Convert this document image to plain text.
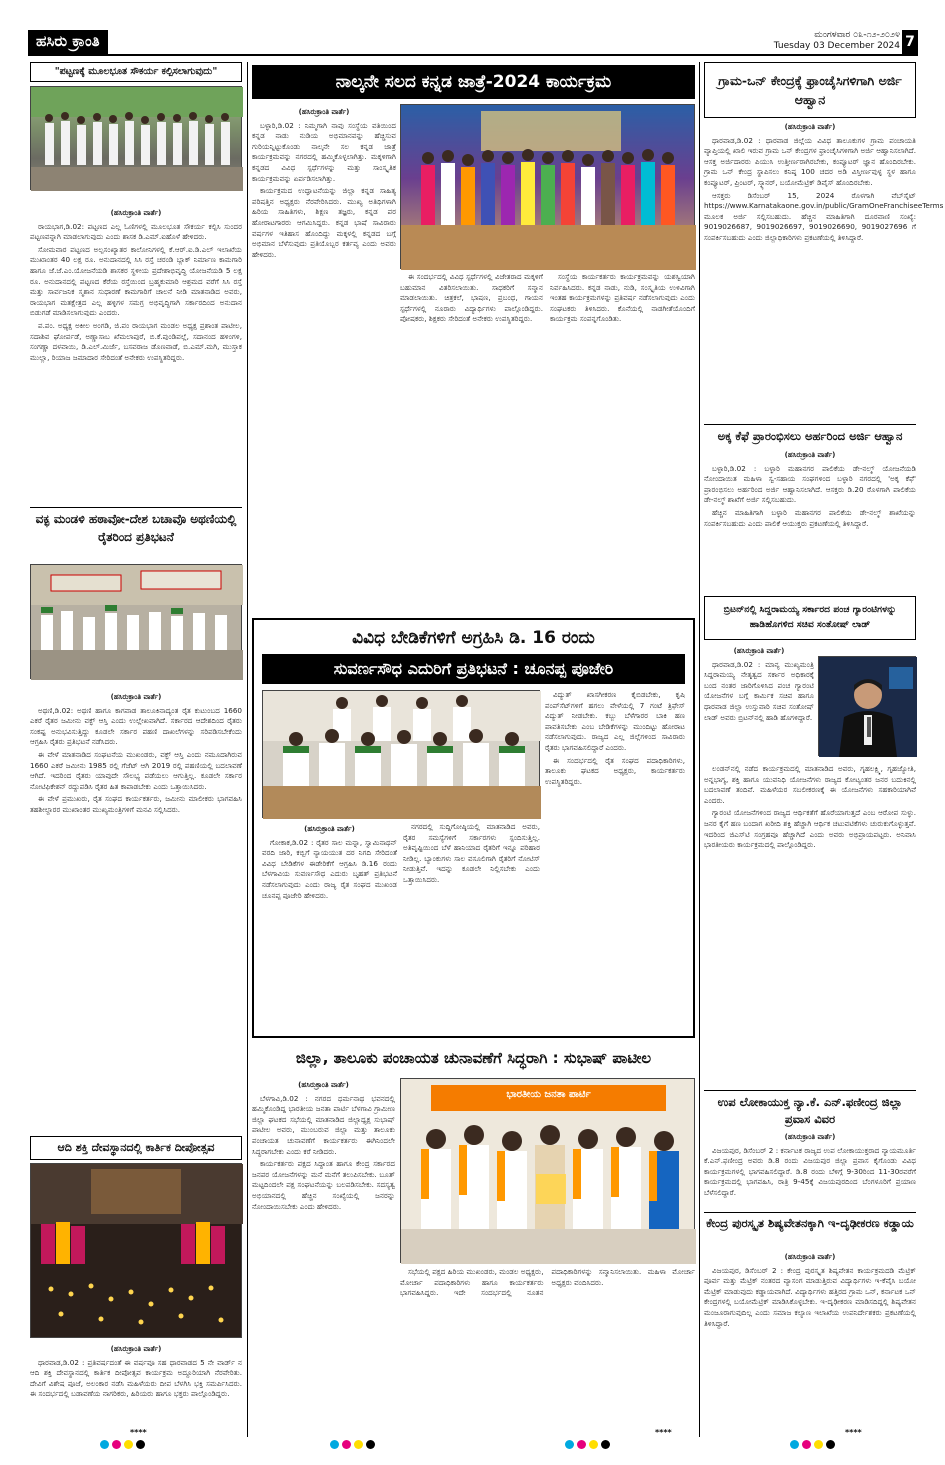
ಹಸಿರು ಕ್ರಾಂತಿ	ಮಂಗಳವಾರ ೦೩-೧೨-೨೦೨೪
Tuesday 03 December 2024 7
"ಪಟ್ಟಣಕ್ಕೆ ಮೂಲಭೂತ ಸೌಕರ್ಯ ಕಲ್ಪಿಸಲಾಗುವುದು"
(ಹಸಿರುಕ್ರಾಂತಿ ವಾರ್ತೆ)

ರಾಯಭಾಗ,ಡಿ.02: ಪಟ್ಟಣದ ಎಲ್ಲ ಓಣಿಗಳಲ್ಲಿ ಮೂಲಭೂತ ಸೌಕರ್ಯ ಕಲ್ಪಿಸಿ ಸುಂದರ ಪಟ್ಟಣವನ್ನಾಗಿ ಮಾಡಲಾಗುವುದು ಎಂದು ಶಾಸಕ ಡಿ.ಎಮ್.ಐಹೊಳೆ ಹೇಳಿದರು.

ಸೋಮವಾರ ಪಟ್ಟಣದ ಅಲ್ಪಸಂಖ್ಯಾತರ ಕಾಲೋನಿಗಳಲ್ಲಿ ಕೆ.ಆರ್.ಐ.ಡಿ.ಎಲ್ ಇಲಾಖೆಯ ಮುಖಾಂತರ 40 ಲಕ್ಷ ರೂ. ಅನುದಾನದಲ್ಲಿ ಸಿಸಿ ರಸ್ತೆ ಚರಂಡಿ ಬ್ಲಾಕ್ ನಿರ್ಮಾಣ ಕಾಮಗಾರಿ ಹಾಗೂ ಜೆ.ಜೆ.ಎಂ.ಯೋಜನೆಯಡಿ ಶಾಸಕರ ಸ್ಥಳೀಯ ಪ್ರದೇಶಾಭಿವೃದ್ಧಿ ಯೋಜನೆಯಡಿ 5 ಲಕ್ಷ ರೂ. ಅನುದಾನದಲ್ಲಿ ಪಟ್ಟಣದ ಕೆರೆಯ ರಸ್ತೆಯಿಂದ ಬ್ರಹ್ಮಕುಮಾರಿ ಆಶ್ರಮದ ವರೆಗೆ ಸಿಸಿ ರಸ್ತೆ ಮತ್ತು ಸಾರ್ವಜನಿಕ ಸ್ಮಶಾನ ಸುಧಾರಣೆ ಕಾಮಗಾರಿಗೆ ಚಾಲನೆ ನೀಡಿ ಮಾತನಾಡಿದ ಅವರು, ರಾಯಭಾಗ ಮತಕ್ಷೇತ್ರದ ಎಲ್ಲ ಹಳ್ಳಿಗಳ ಸಮಗ್ರ ಅಭಿವೃದ್ಧಿಗಾಗಿ ಸರ್ಕಾರದಿಂದ ಅನುದಾನ ಬಿಡುಗಡೆ ಮಾಡಿಸಲಾಗುವುದು ಎಂದರು.

ಪ.ಪಂ. ಅಧ್ಯಕ್ಷ ಅಕೀಲ ಅಂಗಡಿ, ಜಿ.ಪಂ ರಾಯಭಾಗ ಮಂಡಲ ಅಧ್ಯಕ್ಷ ಪ್ರಶಾಂತ ಪಾಟೀಲ, ಸದಾಶಿವ ಘೋರ್ಪಡೆ, ಅಣ್ಣಾಸಾಬ ಖೆಮಲಾಪುರೆ, ಬಿ.ಕೆ.ಪುಂಡಿಪಲ್ಲೆ, ಸದಾನಂದ ಹಳಿಂಗಳಿ, ಸಂಗಣ್ಣಾ ದಳವಾಯಿ, ಡಿ.ಎಲ್.ಮಿರ್ಜೆ, ಬಸವರಾಜ ಡೊಣವಾಡೆ, ಬಿ.ಎಮ್.ಮಗಿ, ಮುಸ್ತಾಕ ಮುಲ್ಲಾ, ರಿಯಾಜ ಜಮಾದಾರ ಸೇರಿದಂತೆ ಅನೇಕರು ಉಪಸ್ಥಿತರಿದ್ದರು.

ವಕ್ಫ ಮಂಡಳಿ ಹಠಾವೋ-ದೇಶ ಬಚಾವೊ ಅಥಣಿಯಲ್ಲಿ ರೈತರಿಂದ ಪ್ರತಿಭಟನೆ
(ಹಸಿರುಕ್ರಾಂತಿ ವಾರ್ತೆ)

ಅಥಣಿ,ಡಿ.02: ಅಥಣಿ ಹಾಗೂ ಕಾಗವಾಡ ತಾಲೂಕಿನಾದ್ಯಂತ ರೈತ ಕುಟುಂಬದ 1660 ಎಕರೆ ರೈತರ ಜಮೀನು ವಕ್ಫ್ ಆಸ್ತಿ ಎಂದು ಉಲ್ಲೇಖವಾಗಿದೆ. ಸರ್ಕಾರದ ಆದೇಶದಿಂದ ರೈತರು ಸಂಕಷ್ಟ ಅನುಭವಿಸುತ್ತಿದ್ದು ಕೂಡಲೇ ಸರ್ಕಾರ ಪಹಣಿ ದಾಖಲೆಗಳನ್ನು ಸರಿಪಡಿಸಬೇಕೆಂದು ಆಗ್ರಹಿಸಿ ರೈತರು ಪ್ರತಿಭಟನೆ ನಡೆಸಿದರು.

ಈ ವೇಳೆ ಮಾತನಾಡಿದ ಸಂಘಟನೆಯ ಮುಖಂಡರು, ವಕ್ಫ್ ಆಸ್ತಿ ಎಂದು ನಮೂದಾಗಿರುವ 1660 ಎಕರೆ ಜಮೀನು 1985 ರಲ್ಲಿ ಗೆಜೆಟ್ ಆಗಿ 2019 ರಲ್ಲಿ ಪಹಣಿಯಲ್ಲಿ ಬದಲಾವಣೆ ಆಗಿದೆ. ಇದರಿಂದ ರೈತರು ಯಾವುದೇ ಸೌಲಭ್ಯ ಪಡೆಯಲು ಆಗುತ್ತಿಲ್ಲ. ಕೂಡಲೇ ಸರ್ಕಾರ ನೋಟಿಫಿಕೇಶನ್ ರದ್ದುಪಡಿಸಿ ರೈತರ ಹಿತ ಕಾಪಾಡಬೇಕು ಎಂದು ಒತ್ತಾಯಿಸಿದರು.

ಈ ವೇಳೆ ಪ್ರಮುಖರು, ರೈತ ಸಂಘದ ಕಾರ್ಯಕರ್ತರು, ಜಮೀನು ಮಾಲೀಕರು ಭಾಗವಹಿಸಿ ತಹಶೀಲ್ದಾರರ ಮುಖಾಂತರ ಮುಖ್ಯಮಂತ್ರಿಗಳಿಗೆ ಮನವಿ ಸಲ್ಲಿಸಿದರು.

ಆದಿ ಶಕ್ತಿ ದೇವಸ್ಥಾನದಲ್ಲಿ ಕಾರ್ತಿಕ ದೀಪೋತ್ಸವ
(ಹಸಿರುಕ್ರಾಂತಿ ವಾರ್ತೆ)

ಧಾರವಾಡ,ಡಿ.02 : ಪ್ರತಿವರ್ಷದಂತೆ ಈ ವರ್ಷವೂ ಸಹ ಧಾರವಾಡದ 5 ನೇ ವಾರ್ಡ್ ನ ಆದಿ ಶಕ್ತಿ ದೇವಸ್ಥಾನದಲ್ಲಿ ಕಾರ್ತಿಕ ದೀಪೋತ್ಸವ ಕಾರ್ಯಕ್ರಮ ಅದ್ದೂರಿಯಾಗಿ ನೆರವೇರಿತು. ದೇವಿಗೆ ವಿಶೇಷ ಪೂಜೆ, ಅಲಂಕಾರ ನಡೆಸಿ ಮಹಿಳೆಯರು ದೀಪ ಬೆಳಗಿಸಿ ಭಕ್ತಿ ಸಮರ್ಪಿಸಿದರು. ಈ ಸಂದರ್ಭದಲ್ಲಿ ಬಡಾವಣೆಯ ನಾಗರಿಕರು, ಹಿರಿಯರು ಹಾಗೂ ಭಕ್ತರು ಪಾಲ್ಗೊಂಡಿದ್ದರು.

****
ನಾಲ್ಕನೇ ಸಲದ ಕನ್ನಡ ಜಾತ್ರೆ-2024 ಕಾರ್ಯಕ್ರಮ
(ಹಸಿರುಕ್ರಾಂತಿ ವಾರ್ತೆ)

ಬಳ್ಳಾರಿ,ಡಿ.02 : ನಿಮ್ಮಗಾಗಿ ನಾವು ಸಂಸ್ಥೆಯ ವತಿಯಿಂದ ಕನ್ನಡ ನಾಡು ನುಡಿಯ ಅಭಿಮಾನವನ್ನು ಹೆಚ್ಚಿಸುವ ಗುರಿಯನ್ನಿಟ್ಟುಕೊಂಡು ನಾಲ್ಕನೇ ಸಲ ಕನ್ನಡ ಜಾತ್ರೆ ಕಾರ್ಯಕ್ರಮವನ್ನು ನಗರದಲ್ಲಿ ಹಮ್ಮಿಕೊಳ್ಳಲಾಗಿತ್ತು. ಮಕ್ಕಳಿಗಾಗಿ ಕನ್ನಡದ ವಿವಿಧ ಸ್ಪರ್ಧೆಗಳನ್ನು ಮತ್ತು ಸಾಂಸ್ಕೃತಿಕ ಕಾರ್ಯಕ್ರಮವನ್ನು ಏರ್ಪಡಿಸಲಾಗಿತ್ತು.

ಕಾರ್ಯಕ್ರಮದ ಉದ್ಘಾಟನೆಯನ್ನು ಜಿಲ್ಲಾ ಕನ್ನಡ ಸಾಹಿತ್ಯ ಪರಿಷತ್ತಿನ ಅಧ್ಯಕ್ಷರು ನೆರವೇರಿಸಿದರು. ಮುಖ್ಯ ಅತಿಥಿಗಳಾಗಿ ಹಿರಿಯ ಸಾಹಿತಿಗಳು, ಶಿಕ್ಷಣ ತಜ್ಞರು, ಕನ್ನಡ ಪರ ಹೋರಾಟಗಾರರು ಆಗಮಿಸಿದ್ದರು. ಕನ್ನಡ ಭಾಷೆ ಸಾವಿರಾರು ವರ್ಷಗಳ ಇತಿಹಾಸ ಹೊಂದಿದ್ದು ಮಕ್ಕಳಲ್ಲಿ ಕನ್ನಡದ ಬಗ್ಗೆ ಅಭಿಮಾನ ಬೆಳೆಸುವುದು ಪ್ರತಿಯೊಬ್ಬರ ಕರ್ತವ್ಯ ಎಂದು ಅವರು ಹೇಳಿದರು.

ಈ ಸಂದರ್ಭದಲ್ಲಿ ವಿವಿಧ ಸ್ಪರ್ಧೆಗಳಲ್ಲಿ ವಿಜೇತರಾದ ಮಕ್ಕಳಿಗೆ ಬಹುಮಾನ ವಿತರಿಸಲಾಯಿತು. ಸಾಧಕರಿಗೆ ಸನ್ಮಾನ ಮಾಡಲಾಯಿತು. ಚಿತ್ರಕಲೆ, ಭಾಷಣ, ಪ್ರಬಂಧ, ಗಾಯನ ಸ್ಪರ್ಧೆಗಳಲ್ಲಿ ನೂರಾರು ವಿದ್ಯಾರ್ಥಿಗಳು ಪಾಲ್ಗೊಂಡಿದ್ದರು. ಪೋಷಕರು, ಶಿಕ್ಷಕರು ಸೇರಿದಂತೆ ಅನೇಕರು ಉಪಸ್ಥಿತರಿದ್ದರು.

ಸಂಸ್ಥೆಯ ಕಾರ್ಯಕರ್ತರು ಕಾರ್ಯಕ್ರಮವನ್ನು ಯಶಸ್ವಿಯಾಗಿ ನಿರ್ವಹಿಸಿದರು. ಕನ್ನಡ ನಾಡು, ನುಡಿ, ಸಂಸ್ಕೃತಿಯ ಉಳಿವಿಗಾಗಿ ಇಂತಹ ಕಾರ್ಯಕ್ರಮಗಳನ್ನು ಪ್ರತಿವರ್ಷ ನಡೆಸಲಾಗುವುದು ಎಂದು ಸಂಘಟಕರು ತಿಳಿಸಿದರು. ಕೊನೆಯಲ್ಲಿ ನಾಡಗೀತೆಯೊಂದಿಗೆ ಕಾರ್ಯಕ್ರಮ ಸಂಪನ್ನಗೊಂಡಿತು.

ವಿವಿಧ ಬೇಡಿಕೆಗಳಿಗೆ ಅಗ್ರಹಿಸಿ ಡಿ. 16 ರಂದು
ಸುವರ್ಣಸೌಧ ಎದುರಿಗೆ ಪ್ರತಿಭಟನೆ : ಚೂನಪ್ಪ ಪೂಜೇರಿ

ವಿದ್ಯುತ್ ಖಾಸಗೀಕರಣ ಕೈಬಿಡಬೇಕು, ಕೃಷಿ ಪಂಪ್‌ಸೆಟ್‌ಗಳಿಗೆ ಹಗಲು ವೇಳೆಯಲ್ಲಿ 7 ಗಂಟೆ ತ್ರಿಫೇಸ್ ವಿದ್ಯುತ್ ನೀಡಬೇಕು. ಕಬ್ಬು ಬೆಳೆಗಾರರ ಬಾಕಿ ಹಣ ಪಾವತಿಸಬೇಕು ಎಂಬ ಬೇಡಿಕೆಗಳನ್ನು ಮುಂದಿಟ್ಟು ಹೋರಾಟ ನಡೆಸಲಾಗುವುದು. ರಾಜ್ಯದ ಎಲ್ಲ ಜಿಲ್ಲೆಗಳಿಂದ ಸಾವಿರಾರು ರೈತರು ಭಾಗವಹಿಸಲಿದ್ದಾರೆ ಎಂದರು.

ಈ ಸಂದರ್ಭದಲ್ಲಿ ರೈತ ಸಂಘದ ಪದಾಧಿಕಾರಿಗಳು, ತಾಲೂಕು ಘಟಕದ ಅಧ್ಯಕ್ಷರು, ಕಾರ್ಯಕರ್ತರು ಉಪಸ್ಥಿತರಿದ್ದರು.

(ಹಸಿರುಕ್ರಾಂತಿ ವಾರ್ತೆ)

ಗೋಕಾಕ,ಡಿ.02 : ರೈತರ ಸಾಲ ಮನ್ನಾ, ಸ್ವಾಮಿನಾಥನ್ ವರದಿ ಜಾರಿ, ಕಬ್ಬಿಗೆ ನ್ಯಾಯಯುತ ದರ ನಿಗದಿ ಸೇರಿದಂತೆ ವಿವಿಧ ಬೇಡಿಕೆಗಳ ಈಡೇರಿಕೆಗೆ ಆಗ್ರಹಿಸಿ ಡಿ.16 ರಂದು ಬೆಳಗಾವಿಯ ಸುವರ್ಣಸೌಧ ಎದುರು ಬೃಹತ್ ಪ್ರತಿಭಟನೆ ನಡೆಸಲಾಗುವುದು ಎಂದು ರಾಜ್ಯ ರೈತ ಸಂಘದ ಮುಖಂಡ ಚೂನಪ್ಪ ಪೂಜೇರಿ ಹೇಳಿದರು.

ನಗರದಲ್ಲಿ ಸುದ್ದಿಗೋಷ್ಠಿಯಲ್ಲಿ ಮಾತನಾಡಿದ ಅವರು, ರೈತರ ಸಮಸ್ಯೆಗಳಿಗೆ ಸರ್ಕಾರಗಳು ಸ್ಪಂದಿಸುತ್ತಿಲ್ಲ. ಅತಿವೃಷ್ಟಿಯಿಂದ ಬೆಳೆ ಹಾನಿಯಾದ ರೈತರಿಗೆ ಇನ್ನೂ ಪರಿಹಾರ ನೀಡಿಲ್ಲ. ಬ್ಯಾಂಕುಗಳು ಸಾಲ ವಸೂಲಿಗಾಗಿ ರೈತರಿಗೆ ನೋಟಿಸ್ ನೀಡುತ್ತಿವೆ. ಇದನ್ನು ಕೂಡಲೇ ನಿಲ್ಲಿಸಬೇಕು ಎಂದು ಒತ್ತಾಯಿಸಿದರು.

ಜಿಲ್ಲಾ, ತಾಲೂಕು ಪಂಚಾಯತ ಚುನಾವಣೆಗೆ ಸಿದ್ಧರಾಗಿ : ಸುಭಾಷ್ ಪಾಟೀಲ
(ಹಸಿರುಕ್ರಾಂತಿ ವಾರ್ತೆ)

ಬೆಳಗಾವಿ,ಡಿ.02 : ನಗರದ ಧರ್ಮನಾಥ ಭವನದಲ್ಲಿ ಹಮ್ಮಿಕೊಂಡಿದ್ದ ಭಾರತೀಯ ಜನತಾ ಪಾರ್ಟಿ ಬೆಳಗಾವಿ ಗ್ರಾಮೀಣ ಜಿಲ್ಲಾ ಘಟಕದ ಸಭೆಯಲ್ಲಿ ಮಾತನಾಡಿದ ಜಿಲ್ಲಾಧ್ಯಕ್ಷ ಸುಭಾಷ್ ಪಾಟೀಲ ಅವರು, ಮುಂಬರುವ ಜಿಲ್ಲಾ ಮತ್ತು ತಾಲೂಕು ಪಂಚಾಯತ ಚುನಾವಣೆಗೆ ಕಾರ್ಯಕರ್ತರು ಈಗಿನಿಂದಲೇ ಸಿದ್ಧರಾಗಬೇಕು ಎಂದು ಕರೆ ನೀಡಿದರು.

ಕಾರ್ಯಕರ್ತರು ಪಕ್ಷದ ಸಿದ್ಧಾಂತ ಹಾಗೂ ಕೇಂದ್ರ ಸರ್ಕಾರದ ಜನಪರ ಯೋಜನೆಗಳನ್ನು ಮನೆ ಮನೆಗೆ ತಲುಪಿಸಬೇಕು. ಬೂತ್ ಮಟ್ಟದಿಂದಲೇ ಪಕ್ಷ ಸಂಘಟನೆಯನ್ನು ಬಲಪಡಿಸಬೇಕು. ಸದಸ್ಯತ್ವ ಅಭಿಯಾನದಲ್ಲಿ ಹೆಚ್ಚಿನ ಸಂಖ್ಯೆಯಲ್ಲಿ ಜನರನ್ನು ನೋಂದಾಯಿಸಬೇಕು ಎಂದು ಹೇಳಿದರು.

ಭಾರತೀಯ ಜನತಾ ಪಾರ್ಟಿ

ಸಭೆಯಲ್ಲಿ ಪಕ್ಷದ ಹಿರಿಯ ಮುಖಂಡರು, ಮಂಡಲ ಅಧ್ಯಕ್ಷರು, ಮೋರ್ಚಾ ಪದಾಧಿಕಾರಿಗಳು ಹಾಗೂ ಕಾರ್ಯಕರ್ತರು ಭಾಗವಹಿಸಿದ್ದರು. ಇದೇ ಸಂದರ್ಭದಲ್ಲಿ ನೂತನ ಪದಾಧಿಕಾರಿಗಳನ್ನು ಸನ್ಮಾನಿಸಲಾಯಿತು. ಮಹಿಳಾ ಮೋರ್ಚಾ ಅಧ್ಯಕ್ಷರು ವಂದಿಸಿದರು.

****
ಗ್ರಾಮ-ಒನ್ ಕೇಂದ್ರಕ್ಕೆ ಫ್ರಾಂಚೈಸಿಗಳಿಗಾಗಿ ಅರ್ಜಿ ಆಹ್ವಾನ
(ಹಸಿರುಕ್ರಾಂತಿ ವಾರ್ತೆ)

ಧಾರವಾಡ,ಡಿ.02 : ಧಾರವಾಡ ಜಿಲ್ಲೆಯ ವಿವಿಧ ತಾಲೂಕುಗಳ ಗ್ರಾಮ ಪಂಚಾಯತಿ ವ್ಯಾಪ್ತಿಯಲ್ಲಿ ಖಾಲಿ ಇರುವ ಗ್ರಾಮ ಒನ್ ಕೇಂದ್ರಗಳ ಫ್ರಾಂಚೈಸಿಗಳಿಗಾಗಿ ಅರ್ಜಿ ಆಹ್ವಾನಿಸಲಾಗಿದೆ. ಆಸಕ್ತ ಅರ್ಜಿದಾರರು ಪಿಯುಸಿ ಉತ್ತೀರ್ಣರಾಗಿರಬೇಕು, ಕಂಪ್ಯೂಟರ್ ಜ್ಞಾನ ಹೊಂದಿರಬೇಕು. ಗ್ರಾಮ ಒನ್ ಕೇಂದ್ರ ಸ್ಥಾಪಿಸಲು ಕನಿಷ್ಠ 100 ಚದರ ಅಡಿ ವಿಸ್ತೀರ್ಣವುಳ್ಳ ಸ್ಥಳ ಹಾಗೂ ಕಂಪ್ಯೂಟರ್, ಪ್ರಿಂಟರ್, ಸ್ಕ್ಯಾನರ್, ಬಯೋಮೆಟ್ರಿಕ್ ಡಿವೈಸ್ ಹೊಂದಿರಬೇಕು.

ಆಸಕ್ತರು ಡಿಸೆಂಬರ್ 15, 2024 ರೊಳಗಾಗಿ ವೆಬ್‌ಸೈಟ್ https://www.Karnatakaone.gov.in/public/GramOneFranchiseeTerms ಮೂಲಕ ಅರ್ಜಿ ಸಲ್ಲಿಸಬಹುದು. ಹೆಚ್ಚಿನ ಮಾಹಿತಿಗಾಗಿ ದೂರವಾಣಿ ಸಂಖ್ಯೆ: 9019026687, 9019026697, 9019026690, 9019027696 ಗೆ ಸಂಪರ್ಕಿಸಬಹುದು ಎಂದು ಜಿಲ್ಲಾಧಿಕಾರಿಗಳು ಪ್ರಕಟಣೆಯಲ್ಲಿ ತಿಳಿಸಿದ್ದಾರೆ.

ಅಕ್ಕ ಕೆಫೆ ಪ್ರಾರಂಭಿಸಲು ಅರ್ಹರಿಂದ ಅರ್ಜಿ ಆಹ್ವಾನ
(ಹಸಿರುಕ್ರಾಂತಿ ವಾರ್ತೆ)

ಬಳ್ಳಾರಿ,ಡಿ.02 : ಬಳ್ಳಾರಿ ಮಹಾನಗರ ಪಾಲಿಕೆಯ ಡೇ-ನಲ್ಮ್ ಯೋಜನೆಯಡಿ ನೋಂದಾಯಿತ ಮಹಿಳಾ ಸ್ವ-ಸಹಾಯ ಸಂಘಗಳಿಂದ ಬಳ್ಳಾರಿ ನಗರದಲ್ಲಿ 'ಅಕ್ಕ ಕೆಫೆ' ಪ್ರಾರಂಭಿಸಲು ಅರ್ಹರಿಂದ ಅರ್ಜಿ ಆಹ್ವಾನಿಸಲಾಗಿದೆ. ಆಸಕ್ತರು ಡಿ.20 ರೊಳಗಾಗಿ ಪಾಲಿಕೆಯ ಡೇ-ನಲ್ಮ್ ಶಾಖೆಗೆ ಅರ್ಜಿ ಸಲ್ಲಿಸಬಹುದು.

ಹೆಚ್ಚಿನ ಮಾಹಿತಿಗಾಗಿ ಬಳ್ಳಾರಿ ಮಹಾನಗರ ಪಾಲಿಕೆಯ ಡೇ-ನಲ್ಮ್ ಶಾಖೆಯನ್ನು ಸಂಪರ್ಕಿಸಬಹುದು ಎಂದು ಪಾಲಿಕೆ ಆಯುಕ್ತರು ಪ್ರಕಟಣೆಯಲ್ಲಿ ತಿಳಿಸಿದ್ದಾರೆ.

ಬ್ರಿಟನ್‌ನಲ್ಲಿ ಸಿದ್ದರಾಮಯ್ಯ ಸರ್ಕಾರದ ಪಂಚ ಗ್ಯಾರಂಟಿಗಳನ್ನು ಹಾಡಿಹೊಗಳಿದ ಸಚಿವ ಸಂತೋಷ್ ಲಾಡ್
(ಹಸಿರುಕ್ರಾಂತಿ ವಾರ್ತೆ)

ಧಾರವಾಡ,ಡಿ.02 : ಮಾನ್ಯ ಮುಖ್ಯಮಂತ್ರಿ ಸಿದ್ದರಾಮಯ್ಯ ನೇತೃತ್ವದ ಸರ್ಕಾರ ಅಧಿಕಾರಕ್ಕೆ ಬಂದ ನಂತರ ಜಾರಿಗೊಳಿಸಿದ ಪಂಚ ಗ್ಯಾರಂಟಿ ಯೋಜನೆಗಳ ಬಗ್ಗೆ ಕಾರ್ಮಿಕ ಸಚಿವ ಹಾಗೂ ಧಾರವಾಡ ಜಿಲ್ಲಾ ಉಸ್ತುವಾರಿ ಸಚಿವ ಸಂತೋಷ್ ಲಾಡ್ ಅವರು ಬ್ರಿಟನ್‌ನಲ್ಲಿ ಹಾಡಿ ಹೊಗಳಿದ್ದಾರೆ.

ಲಂಡನ್‌ನಲ್ಲಿ ನಡೆದ ಕಾರ್ಯಕ್ರಮದಲ್ಲಿ ಮಾತನಾಡಿದ ಅವರು, ಗೃಹಲಕ್ಷ್ಮಿ, ಗೃಹಜ್ಯೋತಿ, ಅನ್ನಭಾಗ್ಯ, ಶಕ್ತಿ ಹಾಗೂ ಯುವನಿಧಿ ಯೋಜನೆಗಳು ರಾಜ್ಯದ ಕೋಟ್ಯಂತರ ಜನರ ಬದುಕಿನಲ್ಲಿ ಬದಲಾವಣೆ ತಂದಿವೆ. ಮಹಿಳೆಯರ ಸಬಲೀಕರಣಕ್ಕೆ ಈ ಯೋಜನೆಗಳು ಸಹಕಾರಿಯಾಗಿವೆ ಎಂದರು.

ಗ್ಯಾರಂಟಿ ಯೋಜನೆಗಳಿಂದ ರಾಜ್ಯದ ಆರ್ಥಿಕತೆಗೆ ಹೊರೆಯಾಗುತ್ತದೆ ಎಂಬ ಆರೋಪ ಸುಳ್ಳು. ಜನರ ಕೈಗೆ ಹಣ ಬಂದಾಗ ಖರೀದಿ ಶಕ್ತಿ ಹೆಚ್ಚಾಗಿ ಆರ್ಥಿಕ ಚಟುವಟಿಕೆಗಳು ಚುರುಕುಗೊಳ್ಳುತ್ತವೆ. ಇದರಿಂದ ಜಿಎಸ್‌ಟಿ ಸಂಗ್ರಹವೂ ಹೆಚ್ಚಾಗಿದೆ ಎಂದು ಅವರು ಅಭಿಪ್ರಾಯಪಟ್ಟರು. ಅನಿವಾಸಿ ಭಾರತೀಯರು ಕಾರ್ಯಕ್ರಮದಲ್ಲಿ ಪಾಲ್ಗೊಂಡಿದ್ದರು.

ಉಪ ಲೋಕಾಯುಕ್ತ ನ್ಯಾ.ಕೆ. ಎನ್.ಫಣೀಂದ್ರ ಜಿಲ್ಲಾ ಪ್ರವಾಸ ವಿವರ
(ಹಸಿರುಕ್ರಾಂತಿ ವಾರ್ತೆ)

ವಿಜಯಪುರ, ಡಿಸೆಂಬರ್ 2 : ಕರ್ನಾಟಕ ರಾಜ್ಯದ ಉಪ ಲೋಕಾಯುಕ್ತರಾದ ನ್ಯಾಯಮೂರ್ತಿ ಕೆ.ಎನ್.ಫಣೀಂದ್ರ ಅವರು ಡಿ.8 ರಂದು ವಿಜಯಪುರ ಜಿಲ್ಲಾ ಪ್ರವಾಸ ಕೈಗೊಂಡು ವಿವಿಧ ಕಾರ್ಯಕ್ರಮಗಳಲ್ಲಿ ಭಾಗವಹಿಸಲಿದ್ದಾರೆ. ಡಿ.8 ರಂದು ಬೆಳಿಗ್ಗೆ 9-30ರಿಂದ 11-30ರವರೆಗೆ ಕಾರ್ಯಕ್ರಮದಲ್ಲಿ ಭಾಗವಹಿಸಿ, ರಾತ್ರಿ 9-45ಕ್ಕೆ ವಿಜಯಪುರದಿಂದ ಬೆಂಗಳೂರಿಗೆ ಪ್ರಯಾಣ ಬೆಳೆಸಲಿದ್ದಾರೆ.

ಕೇಂದ್ರ ಪುರಸ್ಕೃತ ಶಿಷ್ಯವೇತನಕ್ಕಾಗಿ ಇ-ದೃಢೀಕರಣ ಕಡ್ಡಾಯ
(ಹಸಿರುಕ್ರಾಂತಿ ವಾರ್ತೆ)

ವಿಜಯಪುರ, ಡಿಸೆಂಬರ್ 2 : ಕೇಂದ್ರ ಪುರಸ್ಕೃತ ಶಿಷ್ಯವೇತನ ಕಾರ್ಯಕ್ರಮದಡಿ ಮೆಟ್ರಿಕ್ ಪೂರ್ವ ಮತ್ತು ಮೆಟ್ರಿಕ್ ನಂತರದ ವ್ಯಾಸಂಗ ಮಾಡುತ್ತಿರುವ ವಿದ್ಯಾರ್ಥಿಗಳು ಇ-ಕೆವೈಸಿ ಬಯೋ ಮೆಟ್ರಿಕ್ ಮಾಡುವುದು ಕಡ್ಡಾಯವಾಗಿದೆ. ವಿದ್ಯಾರ್ಥಿಗಳು ಹತ್ತಿರದ ಗ್ರಾಮ ಒನ್, ಕರ್ನಾಟಕ ಒನ್ ಕೇಂದ್ರಗಳಲ್ಲಿ ಬಯೋಮೆಟ್ರಿಕ್ ಮಾಡಿಸಿಕೊಳ್ಳಬೇಕು. ಇ-ದೃಢೀಕರಣ ಮಾಡಿಸದಿದ್ದಲ್ಲಿ ಶಿಷ್ಯವೇತನ ಮಂಜೂರಾಗುವುದಿಲ್ಲ ಎಂದು ಸಮಾಜ ಕಲ್ಯಾಣ ಇಲಾಖೆಯ ಉಪನಿರ್ದೇಶಕರು ಪ್ರಕಟಣೆಯಲ್ಲಿ ತಿಳಿಸಿದ್ದಾರೆ.

****
